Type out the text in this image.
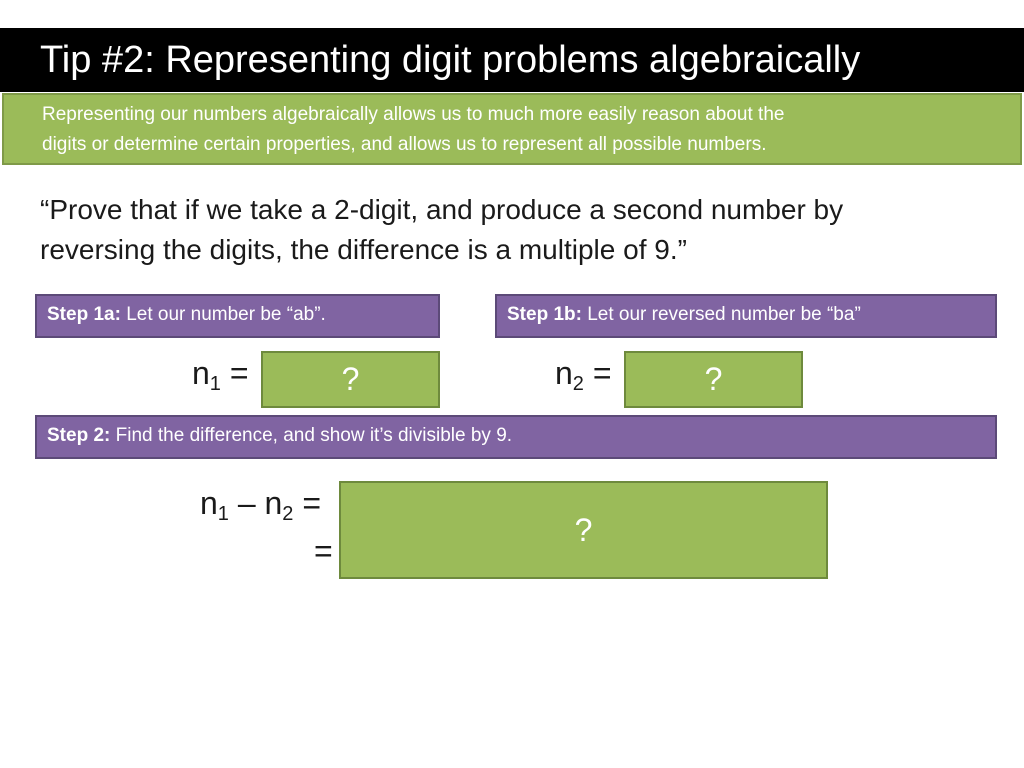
Tip #2: Representing digit problems algebraically
Representing our numbers algebraically allows us to much more easily reason about the
digits or determine certain properties, and allows us to represent all possible numbers.
“Prove that if we take a 2-digit, and produce a second number by
reversing the digits, the difference is a multiple of 9.”
Step 1a: Let our number be “ab”.	Step 1b: Let our reversed number be “ba”
$n_1$ =	?	$n_2$ =	?
Step 2: Find the difference, and show it’s divisible by 9.
$n_1 - n_2$ =
=
?
